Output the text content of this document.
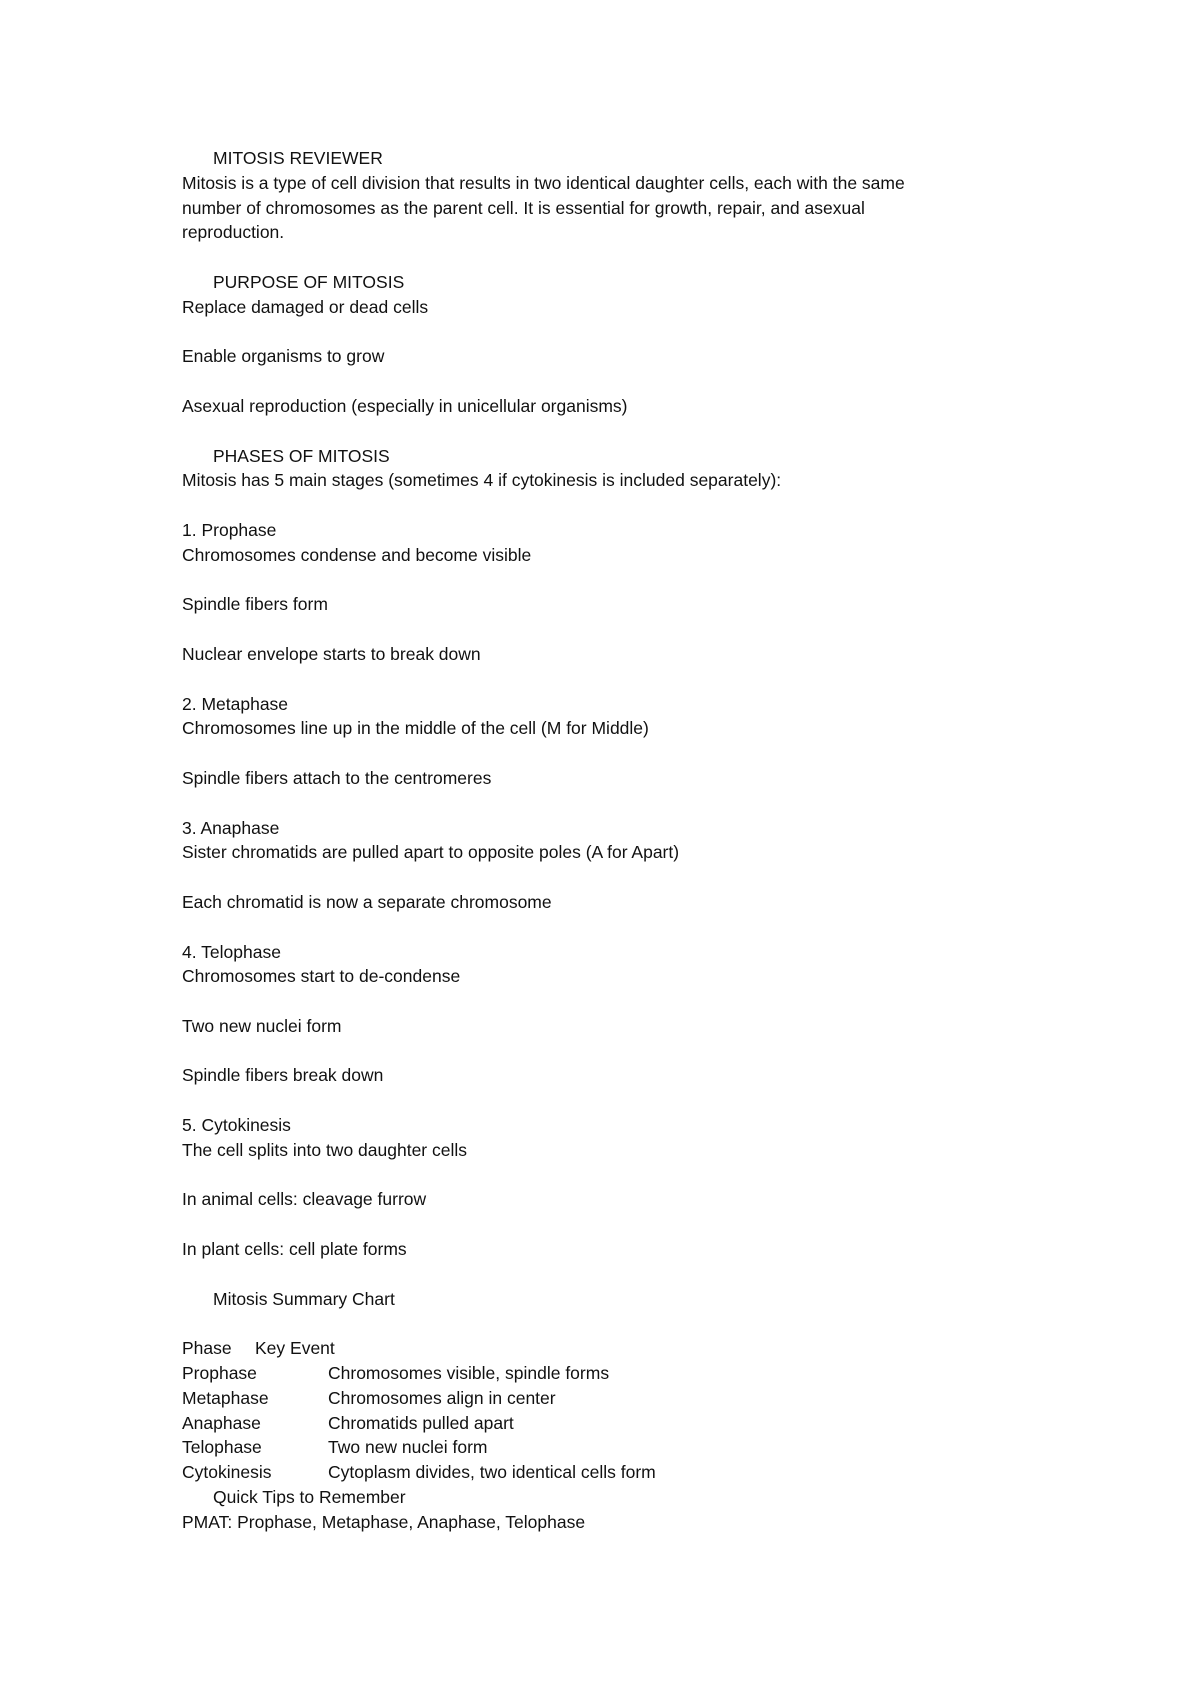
MITOSIS REVIEWER
Mitosis is a type of cell division that results in two identical daughter cells, each with the same
number of chromosomes as the parent cell. It is essential for growth, repair, and asexual
reproduction.
PURPOSE OF MITOSIS
Replace damaged or dead cells
Enable organisms to grow
Asexual reproduction (especially in unicellular organisms)
PHASES OF MITOSIS
Mitosis has 5 main stages (sometimes 4 if cytokinesis is included separately):
1. Prophase
Chromosomes condense and become visible
Spindle fibers form
Nuclear envelope starts to break down
2. Metaphase
Chromosomes line up in the middle of the cell (M for Middle)
Spindle fibers attach to the centromeres
3. Anaphase
Sister chromatids are pulled apart to opposite poles (A for Apart)
Each chromatid is now a separate chromosome
4. Telophase
Chromosomes start to de-condense
Two new nuclei form
Spindle fibers break down
5. Cytokinesis
The cell splits into two daughter cells
In animal cells: cleavage furrow
In plant cells: cell plate forms
Mitosis Summary Chart
Phase	Key Event
Prophase	Chromosomes visible, spindle forms
Metaphase	Chromosomes align in center
Anaphase	Chromatids pulled apart
Telophase	Two new nuclei form
Cytokinesis	Cytoplasm divides, two identical cells form
Quick Tips to Remember
PMAT: Prophase, Metaphase, Anaphase, Telophase
